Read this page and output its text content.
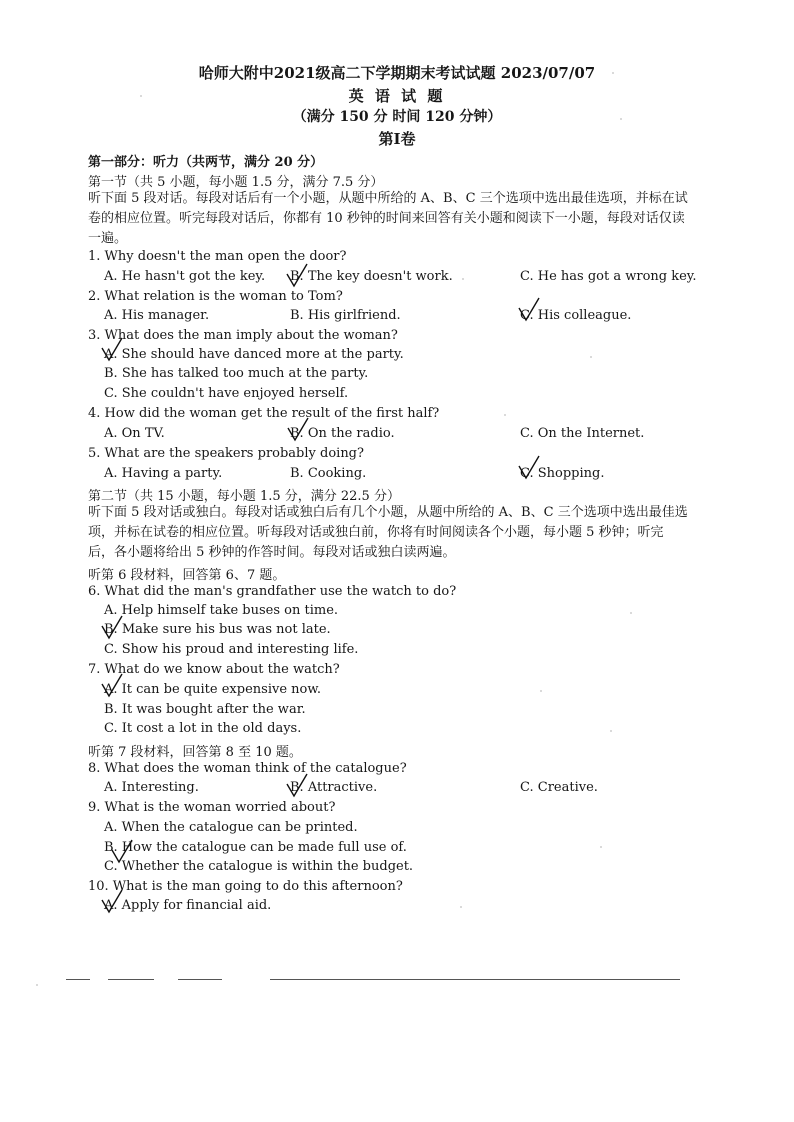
哈师大附中2021级高二下学期期末考试试题 2023/07/07
英 语 试 题
（满分 150 分 时间 120 分钟）
第Ⅰ卷
第一部分：听力（共两节，满分 20 分）
第一节（共 5 小题，每小题 1.5 分，满分 7.5 分）
听下面 5 段对话。每段对话后有一个小题，从题中所给的 A、B、C 三个选项中选出最佳选项，并标在试卷的相应位置。听完每段对话后，你都有 10 秒钟的时间来回答有关小题和阅读下一小题，每段对话仅读一遍。
1. Why doesn't the man open the door?
A. He hasn't got the key. B. The key doesn't work.	C. He has got a wrong key.
2. What relation is the woman to Tom?
A. His manager.	B. His girlfriend.	C. His colleague.
3. What does the man imply about the woman?
A. She should have danced more at the party.
B. She has talked too much at the party.
C. She couldn't have enjoyed herself.
4. How did the woman get the result of the first half?
A. On TV.	B. On the radio.	C. On the Internet.
5. What are the speakers probably doing?
A. Having a party.	B. Cooking.	C. Shopping.
第二节（共 15 小题，每小题 1.5 分，满分 22.5 分）
听下面 5 段对话或独白。每段对话或独白后有几个小题，从题中所给的 A、B、C 三个选项中选出最佳选项，并标在试卷的相应位置。听每段对话或独白前，你将有时间阅读各个小题，每小题 5 秒钟；听完后，各小题将给出 5 秒钟的作答时间。每段对话或独白读两遍。
听第 6 段材料，回答第 6、7 题。
6. What did the man's grandfather use the watch to do?
A. Help himself take buses on time.
B. Make sure his bus was not late.
C. Show his proud and interesting life.
7. What do we know about the watch?
A. It can be quite expensive now.
B. It was bought after the war.
C. It cost a lot in the old days.
听第 7 段材料，回答第 8 至 10 题。
8. What does the woman think of the catalogue?
A. Interesting.	B. Attractive.	C. Creative.
9. What is the woman worried about?
A. When the catalogue can be printed.
B. How the catalogue can be made full use of.
C. Whether the catalogue is within the budget.
10. What is the man going to do this afternoon?
A. Apply for financial aid.
